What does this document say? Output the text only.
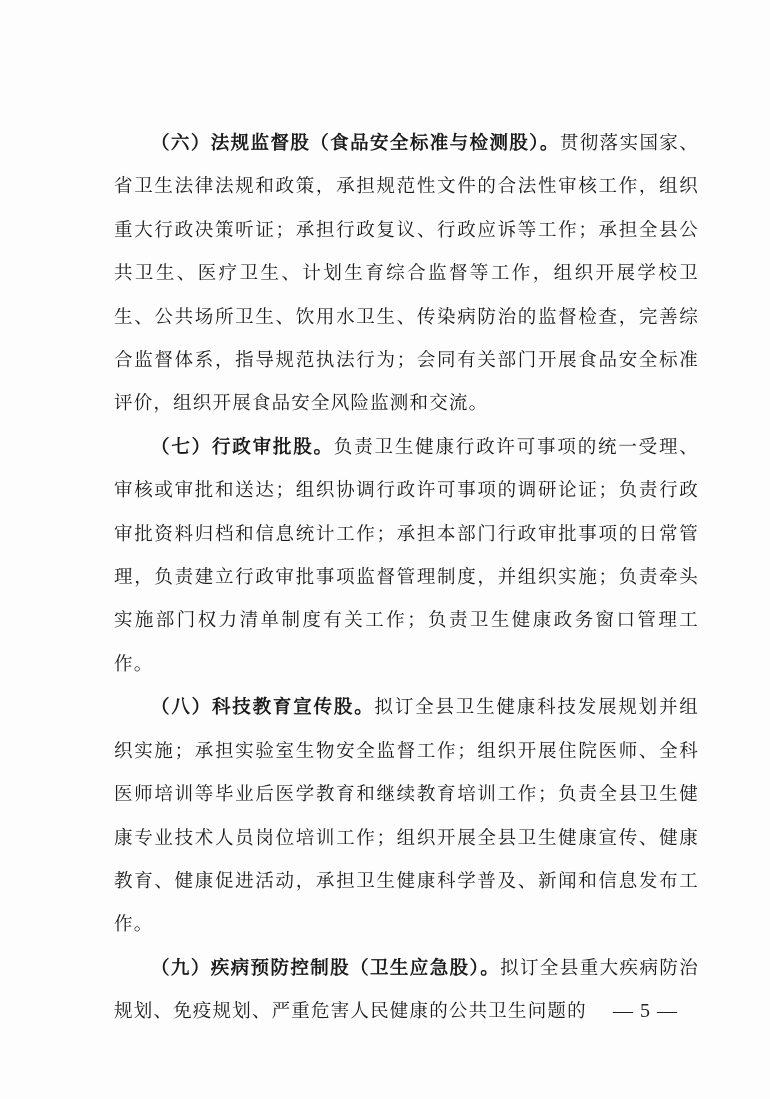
（六）法规监督股（食品安全标准与检测股）。贯彻落实国家、省卫生法律法规和政策，承担规范性文件的合法性审核工作，组织重大行政决策听证；承担行政复议、行政应诉等工作；承担全县公共卫生、医疗卫生、计划生育综合监督等工作，组织开展学校卫生、公共场所卫生、饮用水卫生、传染病防治的监督检查，完善综合监督体系，指导规范执法行为；会同有关部门开展食品安全标准评价，组织开展食品安全风险监测和交流。

（七）行政审批股。负责卫生健康行政许可事项的统一受理、审核或审批和送达；组织协调行政许可事项的调研论证；负责行政审批资料归档和信息统计工作；承担本部门行政审批事项的日常管理，负责建立行政审批事项监督管理制度，并组织实施；负责牵头实施部门权力清单制度有关工作；负责卫生健康政务窗口管理工作。

（八）科技教育宣传股。拟订全县卫生健康科技发展规划并组织实施；承担实验室生物安全监督工作；组织开展住院医师、全科医师培训等毕业后医学教育和继续教育培训工作；负责全县卫生健康专业技术人员岗位培训工作；组织开展全县卫生健康宣传、健康教育、健康促进活动，承担卫生健康科学普及、新闻和信息发布工作。

（九）疾病预防控制股（卫生应急股）。拟订全县重大疾病防治规划、免疫规划、严重危害人民健康的公共卫生问题的	— 5 —
